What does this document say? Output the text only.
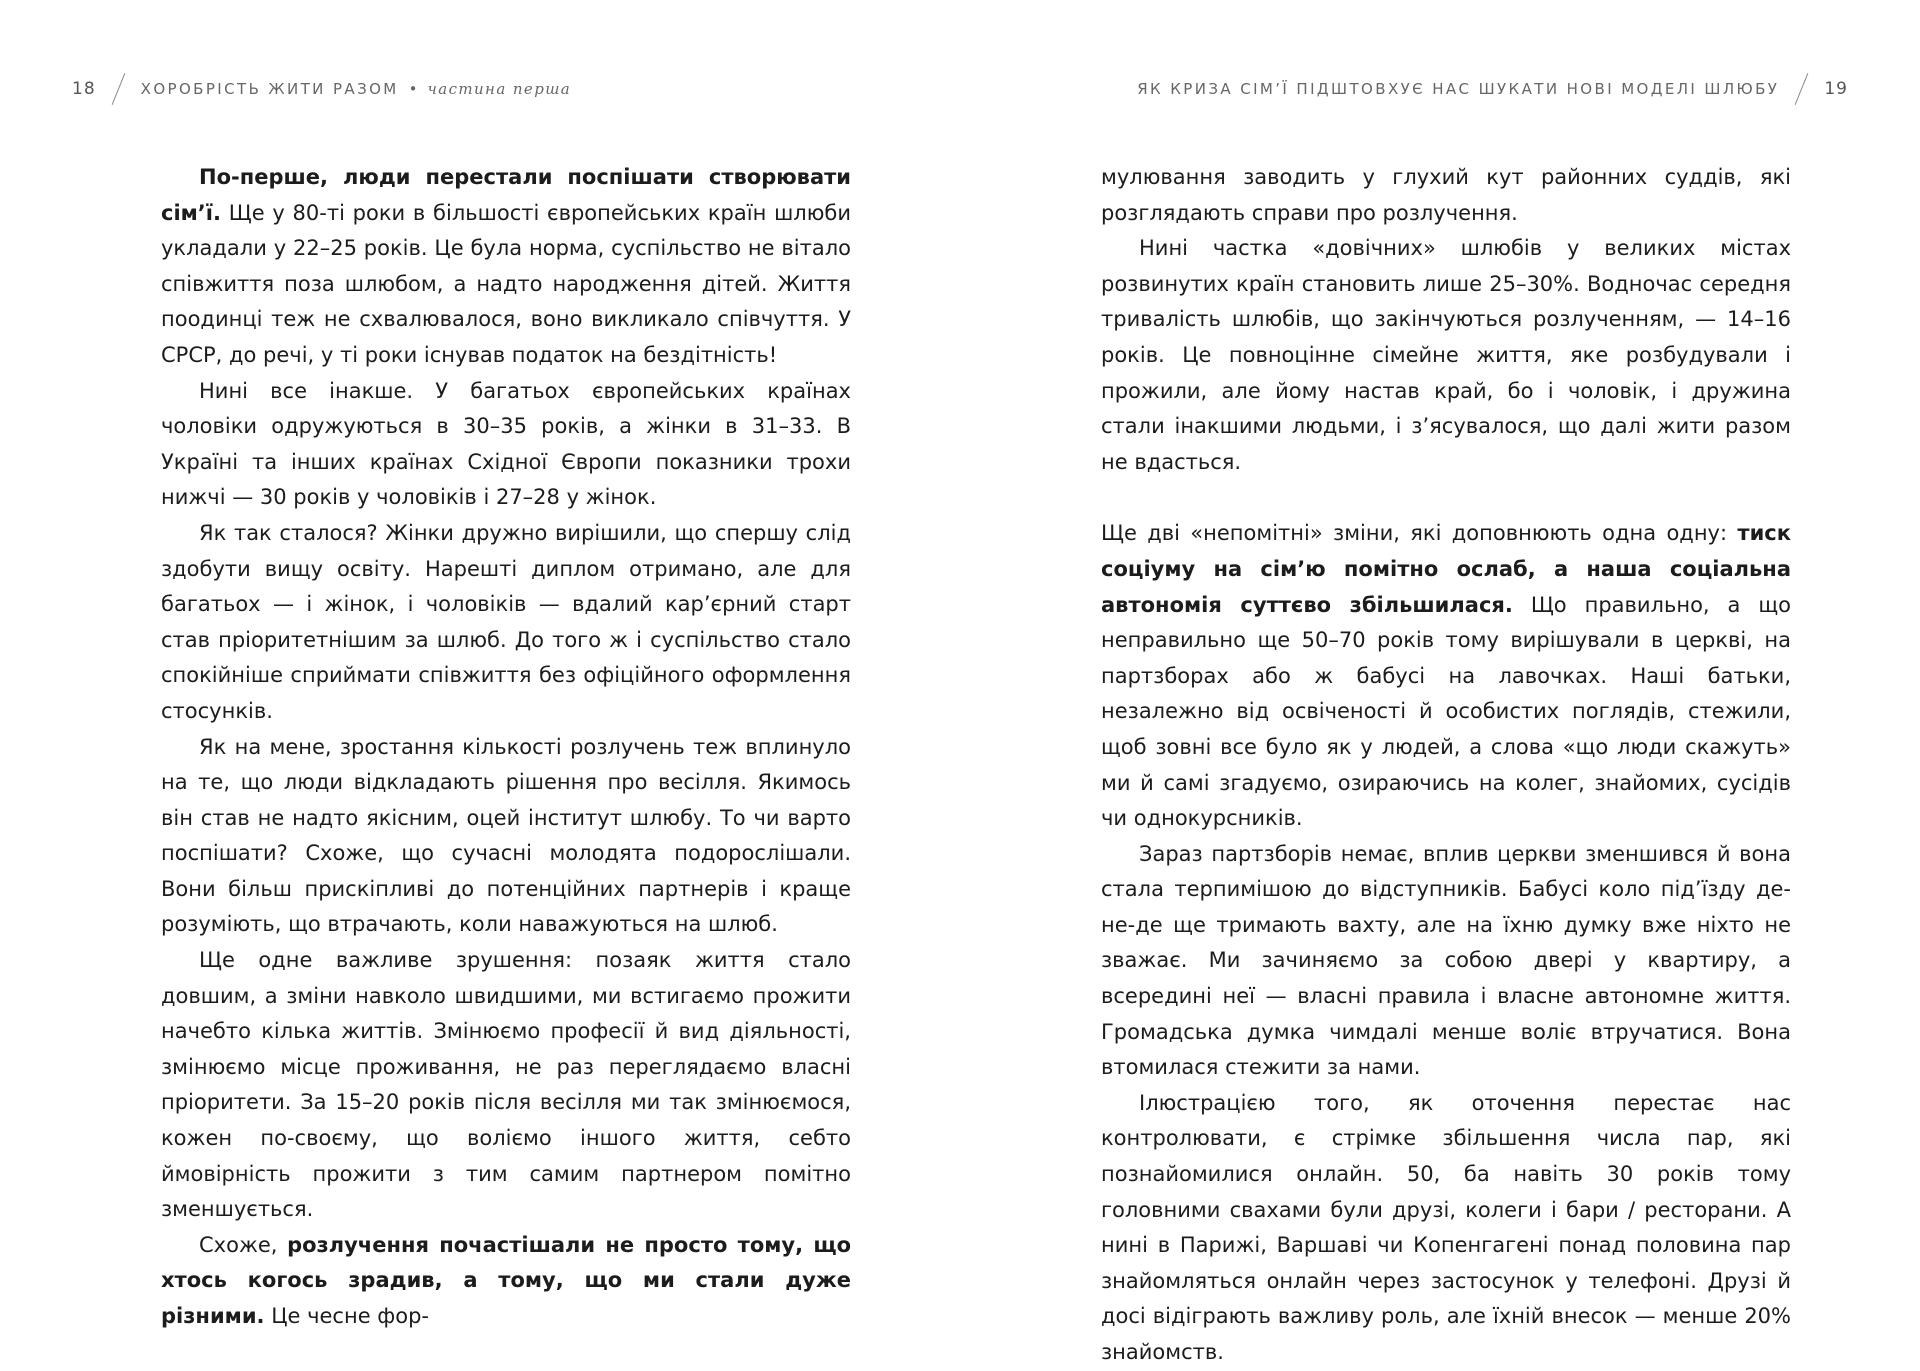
18	ХОРОБРІСТЬ ЖИТИ РАЗОМ • частина перша

По-перше, люди перестали поспішати створювати сім’ї. Ще у 80-ті роки в більшості європейських країн шлюби укладали у 22–25 років. Це була норма, суспільство не вітало співжиття поза шлюбом, а надто народження дітей. Життя поодинці теж не схвалювалося, воно викликало співчуття. У СРСР, до речі, у ті роки існував податок на бездітність!

Нині все інакше. У багатьох європейських країнах чоловіки одружуються в 30–35 років, а жінки в 31–33. В Україні та інших країнах Східної Європи показники трохи нижчі — 30 років у чоловіків і 27–28 у жінок.

Як так сталося? Жінки дружно вирішили, що спершу слід здобути вищу освіту. Нарешті диплом отримано, але для багатьох — і жінок, і чоловіків — вдалий кар’єрний старт став пріоритетнішим за шлюб. До того ж і суспільство стало спокійніше сприймати співжиття без офіційного оформлення стосунків.

Як на мене, зростання кількості розлучень теж вплинуло на те, що люди відкладають рішення про весілля. Якимось він став не надто якісним, оцей інститут шлюбу. То чи варто поспішати? Схоже, що сучасні молодята подорослішали. Вони більш прискіпливі до потенційних партнерів і краще розуміють, що втрачають, коли наважуються на шлюб.

Ще одне важливе зрушення: позаяк життя стало довшим, а зміни навколо швидшими, ми встигаємо прожити начебто кілька життів. Змінюємо професії й вид діяльності, змінюємо місце проживання, не раз переглядаємо власні пріоритети. За 15–20 років після весілля ми так змінюємося, кожен по-своєму, що воліємо іншого життя, себто ймовірність прожити з тим самим партнером помітно зменшується.

Схоже, розлучення почастішали не просто тому, що хтось когось зрадив, а тому, що ми стали дуже різними. Це чесне фор-

ЯК КРИЗА СІМ’Ї ПІДШТОВХУЄ НАС ШУКАТИ НОВІ МОДЕЛІ ШЛЮБУ	19

мулювання заводить у глухий кут районних суддів, які розглядають справи про розлучення.

Нині частка «довічних» шлюбів у великих містах розвинутих країн становить лише 25–30%. Водночас середня тривалість шлюбів, що закінчуються розлученням, — 14–16 років. Це повноцінне сімейне життя, яке розбудували і прожили, але йому настав край, бо і чоловік, і дружина стали інакшими людьми, і з’ясувалося, що далі жити разом не вдасться.

Ще дві «непомітні» зміни, які доповнюють одна одну: тиск соціуму на сім’ю помітно ослаб, а наша соціальна автономія суттєво збільшилася. Що правильно, а що неправильно ще 50–70 років тому вирішували в церкві, на партзборах або ж бабусі на лавочках. Наші батьки, незалежно від освіченості й особистих поглядів, стежили, щоб зовні все було як у людей, а слова «що люди скажуть» ми й самі згадуємо, озираючись на колег, знайомих, сусідів чи однокурсників.

Зараз партзборів немає, вплив церкви зменшився й вона стала терпимішою до відступників. Бабусі коло під’їзду де-не-де ще тримають вахту, але на їхню думку вже ніхто не зважає. Ми зачиняємо за собою двері у квартиру, а всередині неї — власні правила і власне автономне життя. Громадська думка чимдалі менше воліє втручатися. Вона втомилася стежити за нами.

Ілюстрацією того, як оточення перестає нас контролювати, є стрімке збільшення числа пар, які познайомилися онлайн. 50, ба навіть 30 років тому головними свахами були друзі, колеги і бари / ресторани. А нині в Парижі, Варшаві чи Копенгагені понад половина пар знайомляться онлайн через застосунок у телефоні. Друзі й досі відіграють важливу роль, але їхній внесок — менше 20% знайомств.
